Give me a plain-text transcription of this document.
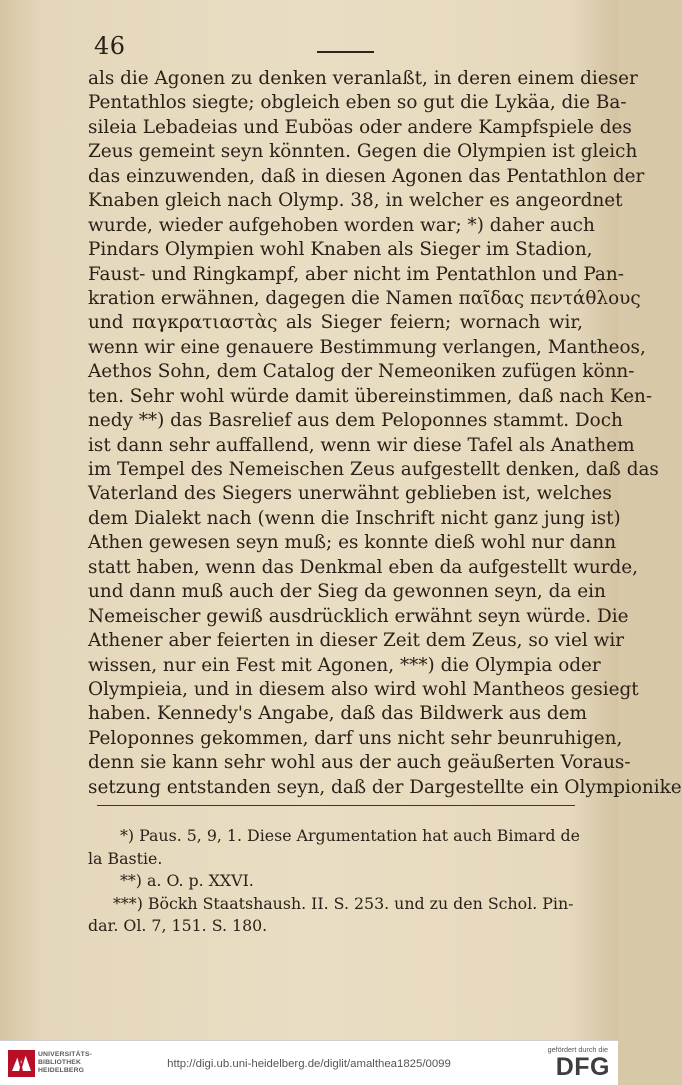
46
als die Agonen zu denken veranlaßt, in deren einem dieser
Pentathlos siegte; obgleich eben so gut die Lykäa, die Ba-
sileia Lebadeias und Euböas oder andere Kampfspiele des
Zeus gemeint seyn könnten. Gegen die Olympien ist gleich
das einzuwenden, daß in diesen Agonen das Pentathlon der
Knaben gleich nach Olymp. 38, in welcher es angeordnet
wurde, wieder aufgehoben worden war; *) daher auch
Pindars Olympien wohl Knaben als Sieger im Stadion,
Faust- und Ringkampf, aber nicht im Pentathlon und Pan-
kration erwähnen, dagegen die Namen παῖδας πεντάθλους
und παγκρατιαστὰς als Sieger feiern; wornach wir,
wenn wir eine genauere Bestimmung verlangen, Mantheos,
Aethos Sohn, dem Catalog der Nemeoniken zufügen könn-
ten. Sehr wohl würde damit übereinstimmen, daß nach Ken-
nedy **) das Basrelief aus dem Peloponnes stammt. Doch
ist dann sehr auffallend, wenn wir diese Tafel als Anathem
im Tempel des Nemeischen Zeus aufgestellt denken, daß das
Vaterland des Siegers unerwähnt geblieben ist, welches
dem Dialekt nach (wenn die Inschrift nicht ganz jung ist)
Athen gewesen seyn muß; es konnte dieß wohl nur dann
statt haben, wenn das Denkmal eben da aufgestellt wurde,
und dann muß auch der Sieg da gewonnen seyn, da ein
Nemeischer gewiß ausdrücklich erwähnt seyn würde. Die
Athener aber feierten in dieser Zeit dem Zeus, so viel wir
wissen, nur ein Fest mit Agonen, ***) die Olympia oder
Olympieia, und in diesem also wird wohl Mantheos gesiegt
haben. Kennedy's Angabe, daß das Bildwerk aus dem
Peloponnes gekommen, darf uns nicht sehr beunruhigen,
denn sie kann sehr wohl aus der auch geäußerten Voraus-
setzung entstanden seyn, daß der Dargestellte ein Olympionike
*) Paus. 5, 9, 1. Diese Argumentation hat auch Bimard de
la Bastie.
**) a. O. p. XXVI.
***) Böckh Staatshaush. II. S. 253. und zu den Schol. Pin-
dar. Ol. 7, 151. S. 180.
UNIVERSITÄTS-
BIBLIOTHEK
HEIDELBERG
http://digi.ub.uni-heidelberg.de/diglit/amalthea1825/0099
gefördert durch die
DFG
